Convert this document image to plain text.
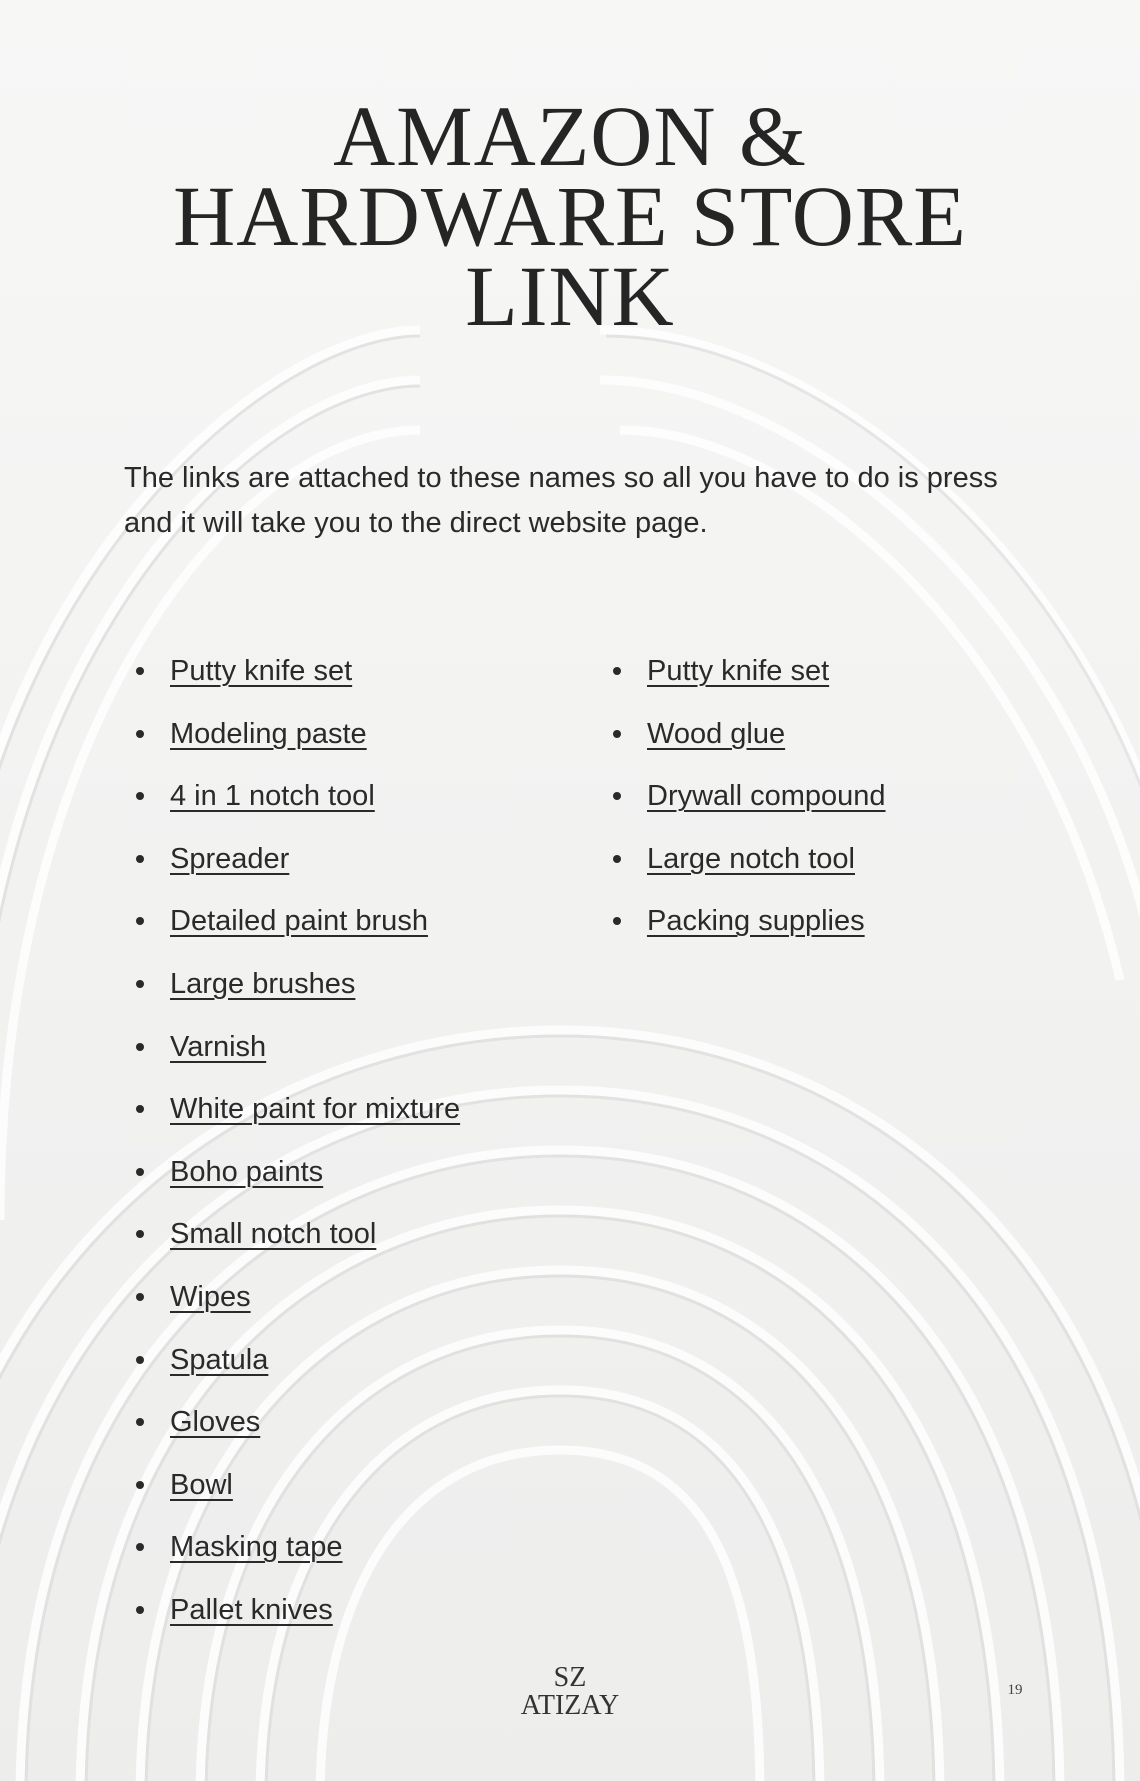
AMAZON &
HARDWARE STORE
LINK

The links are attached to these names so all you have to do is press and it will take you to the direct website page.

Putty knife set
Modeling paste
4 in 1 notch tool
Spreader
Detailed paint brush
Large brushes
Varnish
White paint for mixture
Boho paints
Small notch tool
Wipes
Spatula
Gloves
Bowl
Masking tape
Pallet knives
Putty knife set
Wood glue
Drywall compound
Large notch tool
Packing supplies
SZ
ATIZAY	19
